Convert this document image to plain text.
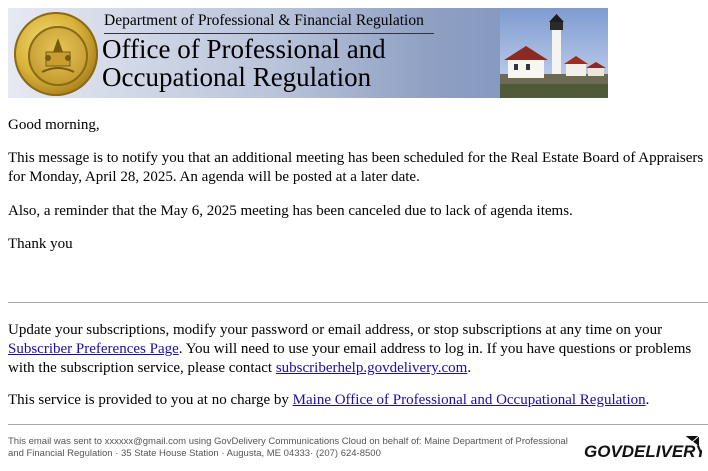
Department of Professional & Financial Regulation
Office of Professional and
Occupational Regulation

Good morning,

This message is to notify you that an additional meeting has been scheduled for the Real Estate Board of Appraisers for Monday, April 28, 2025. An agenda will be posted at a later date.

Also, a reminder that the May 6, 2025 meeting has been canceled due to lack of agenda items.

Thank you

Update your subscriptions, modify your password or email address, or stop subscriptions at any time on your Subscriber Preferences Page. You will need to use your email address to log in. If you have questions or problems with the subscription service, please contact subscriberhelp.govdelivery.com.

This service is provided to you at no charge by Maine Office of Professional and Occupational Regulation.

This email was sent to xxxxxx@gmail.com using GovDelivery Communications Cloud on behalf of: Maine Department of Professional and Financial Regulation · 35 State House Station · Augusta, ME 04333· (207) 624-8500	GOVDELIVERY
